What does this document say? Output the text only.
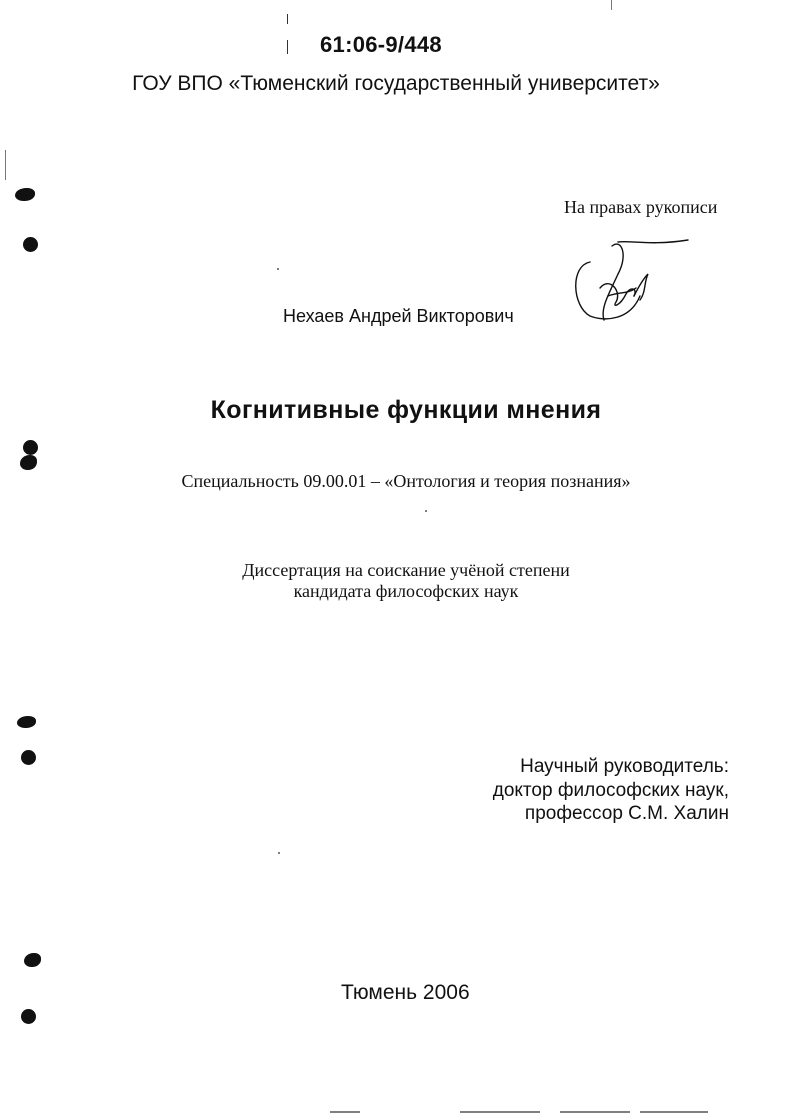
61:06-9/448
ГОУ ВПО «Тюменский государственный университет»
На правах рукописи
Нехаев Андрей Викторович
Когнитивные функции мнения
Специальность 09.00.01 – «Онтология и теория познания»
Диссертация на соискание учёной степени
кандидата философских наук
Научный руководитель:
доктор философских наук,
профессор С.М. Халин
Тюмень 2006
